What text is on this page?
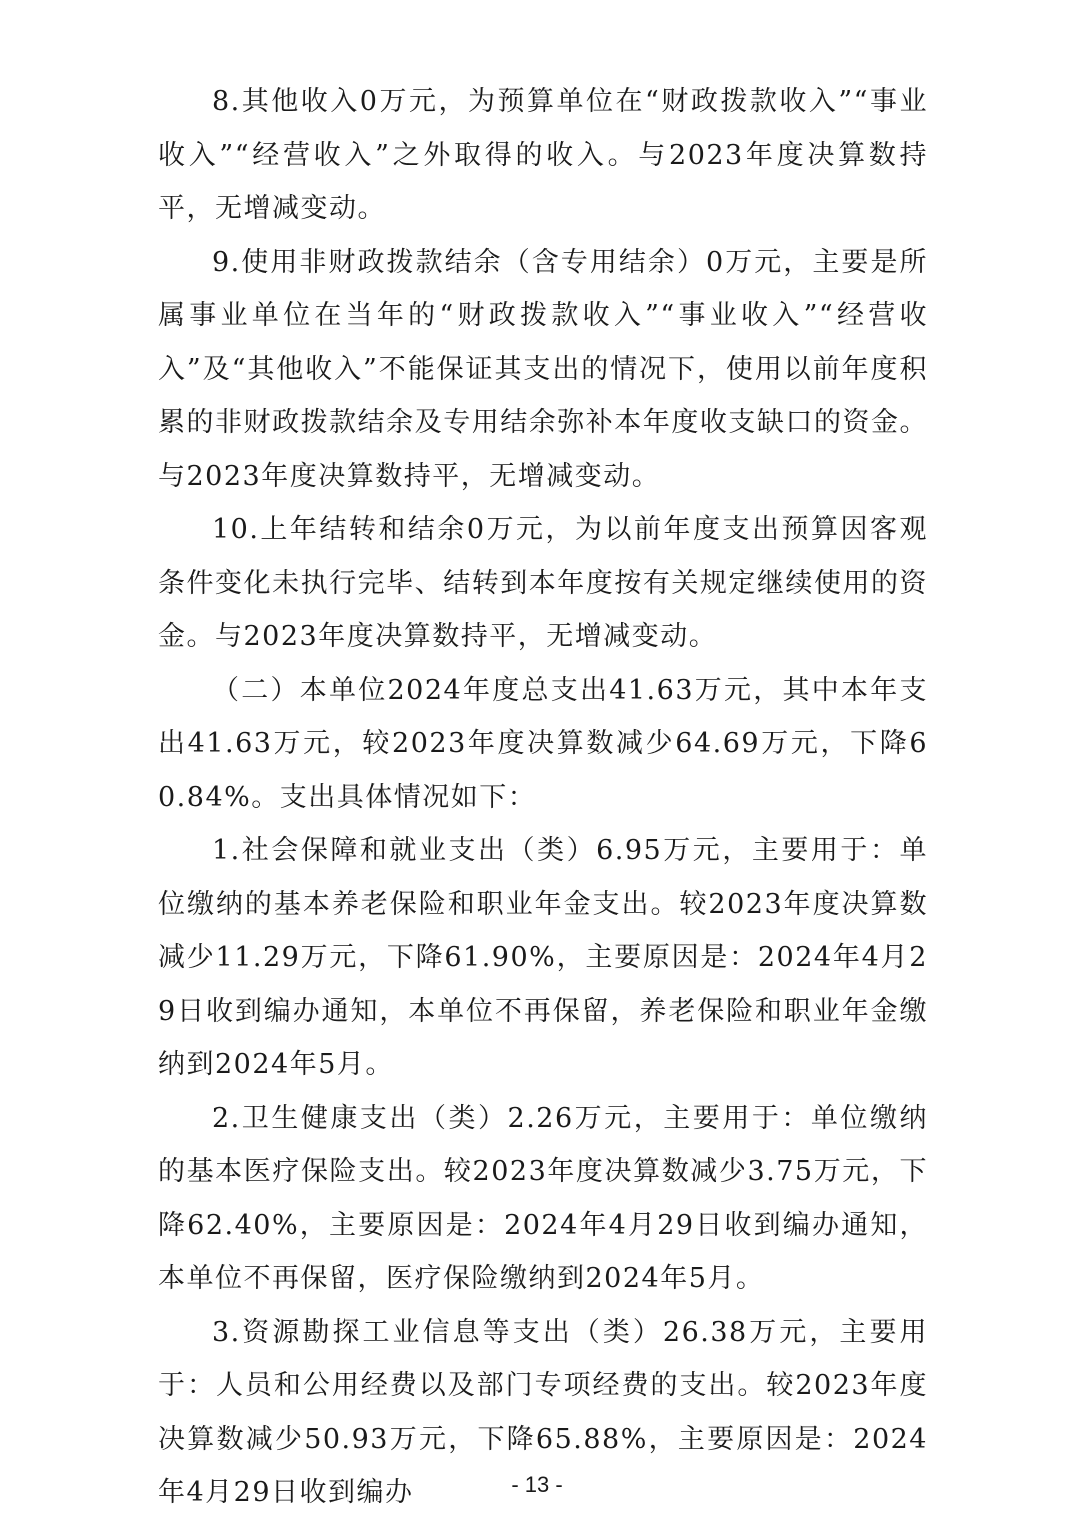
8.其他收入0万元，为预算单位在“财政拨款收入”“事业收入”“经营收入”之外取得的收入。与2023年度决算数持平，无增减变动。

9.使用非财政拨款结余（含专用结余）0万元，主要是所属事业单位在当年的“财政拨款收入”“事业收入”“经营收入”及“其他收入”不能保证其支出的情况下，使用以前年度积累的非财政拨款结余及专用结余弥补本年度收支缺口的资金。与2023年度决算数持平，无增减变动。

10.上年结转和结余0万元，为以前年度支出预算因客观条件变化未执行完毕、结转到本年度按有关规定继续使用的资金。与2023年度决算数持平，无增减变动。

（二）本单位2024年度总支出41.63万元，其中本年支出41.63万元，较2023年度决算数减少64.69万元，下降60.84%。支出具体情况如下：

1.社会保障和就业支出（类）6.95万元，主要用于：单位缴纳的基本养老保险和职业年金支出。较2023年度决算数减少11.29万元，下降61.90%，主要原因是：2024年4月29日收到编办通知，本单位不再保留，养老保险和职业年金缴纳到2024年5月。

2.卫生健康支出（类）2.26万元，主要用于：单位缴纳的基本医疗保险支出。较2023年度决算数减少3.75万元，下降62.40%，主要原因是：2024年4月29日收到编办通知，本单位不再保留，医疗保险缴纳到2024年5月。

3.资源勘探工业信息等支出（类）26.38万元，主要用于：人员和公用经费以及部门专项经费的支出。较2023年度决算数减少50.93万元，下降65.88%，主要原因是：2024年4月29日收到编办	- 13 -
